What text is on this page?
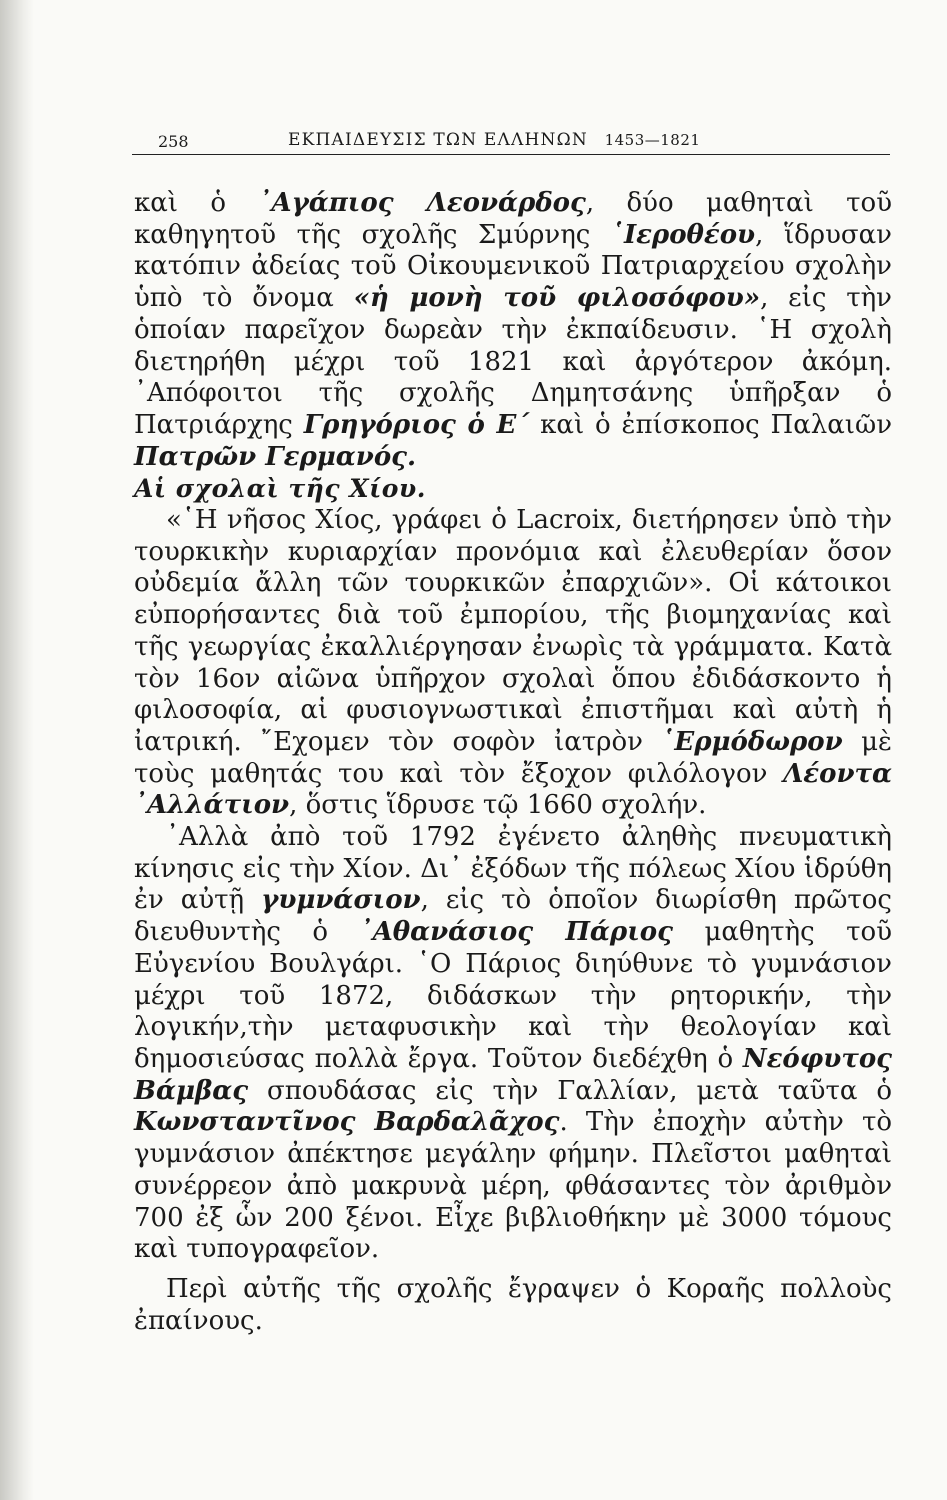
258	ΕΚΠΑΙΔΕΥΣΙΣ ΤΩΝ ΕΛΛΗΝΩΝ 1453—1821

καὶ ὁ ᾿Αγάπιος Λεονάρδος, δύο μαθηταὶ τοῦ καθηγητοῦ τῆς σχολῆς Σμύρνης ῾Ιεροθέου, ἵδρυσαν κατόπιν ἀδείας τοῦ Οἰκουμενικοῦ Πατριαρχείου σχολὴν ὑπὸ τὸ ὄνομα «ἡ μονὴ τοῦ φιλοσόφου», εἰς τὴν ὁποίαν παρεῖχον δωρεὰν τὴν ἐκπαίδευσιν. ῾Η σχολὴ διετηρήθη μέχρι τοῦ 1821 καὶ ἀργότερον ἀκόμη. ᾿Απόφοιτοι τῆς σχολῆς Δημητσάνης ὑπῆρξαν ὁ Πατριάρχης Γρηγόριος ὁ Ε΄ καὶ ὁ ἐπίσκοπος Παλαιῶν Πατρῶν Γερμανός.

Αἱ σχολαὶ τῆς Χίου.

«῾Η νῆσος Χίος, γράφει ὁ Lacroix, διετήρησεν ὑπὸ τὴν τουρκικὴν κυριαρχίαν προνόμια καὶ ἐλευθερίαν ὅσον οὐδεμία ἄλλη τῶν τουρκικῶν ἐπαρχιῶν». Οἱ κάτοικοι εὐπορήσαντες διὰ τοῦ ἐμπορίου, τῆς βιομηχανίας καὶ τῆς γεωργίας ἐκαλλιέργησαν ἐνωρὶς τὰ γράμματα. Κατὰ τὸν 16ον αἰῶνα ὑπῆρχον σχολαὶ ὅπου ἐδιδάσκοντο ἡ φιλοσοφία, αἱ φυσιογνωστικαὶ ἐπιστῆμαι καὶ αὐτὴ ἡ ἰατρική. ῎Εχομεν τὸν σοφὸν ἰατρὸν ῾Ερμόδωρον μὲ τοὺς μαθητάς του καὶ τὸν ἔξοχον φιλόλογον Λέοντα ᾿Αλλάτιον, ὅστις ἵδρυσε τῷ 1660 σχολήν.

᾿Αλλὰ ἀπὸ τοῦ 1792 ἐγένετο ἀληθὴς πνευματικὴ κίνησις εἰς τὴν Χίον. Δι᾿ ἐξόδων τῆς πόλεως Χίου ἱδρύθη ἐν αὐτῇ γυμνάσιον, εἰς τὸ ὁποῖον διωρίσθη πρῶτος διευθυντὴς ὁ ᾿Αθανάσιος Πάριος μαθητὴς τοῦ Εὐγενίου Βουλγάρι. ῾Ο Πάριος διηύθυνε τὸ γυμνάσιον μέχρι τοῦ 1872, διδάσκων τὴν ρητορικήν, τὴν λογικήν,τὴν μεταφυσικὴν καὶ τὴν θεολογίαν καὶ δημοσιεύσας πολλὰ ἔργα. Τοῦτον διεδέχθη ὁ Νεόφυτος Βάμβας σπουδάσας εἰς τὴν Γαλλίαν, μετὰ ταῦτα ὁ Κωνσταντῖνος Βαρδαλᾶχος. Τὴν ἐποχὴν αὐτὴν τὸ γυμνάσιον ἀπέκτησε μεγάλην φήμην. Πλεῖστοι μαθηταὶ συνέρρεον ἀπὸ μακρυνὰ μέρη, φθάσαντες τὸν ἀριθμὸν 700 ἐξ ὧν 200 ξένοι. Εἶχε βιβλιοθήκην μὲ 3000 τόμους καὶ τυπογραφεῖον.

Περὶ αὐτῆς τῆς σχολῆς ἔγραψεν ὁ Κοραῆς πολλοὺς ἐπαίνους.
